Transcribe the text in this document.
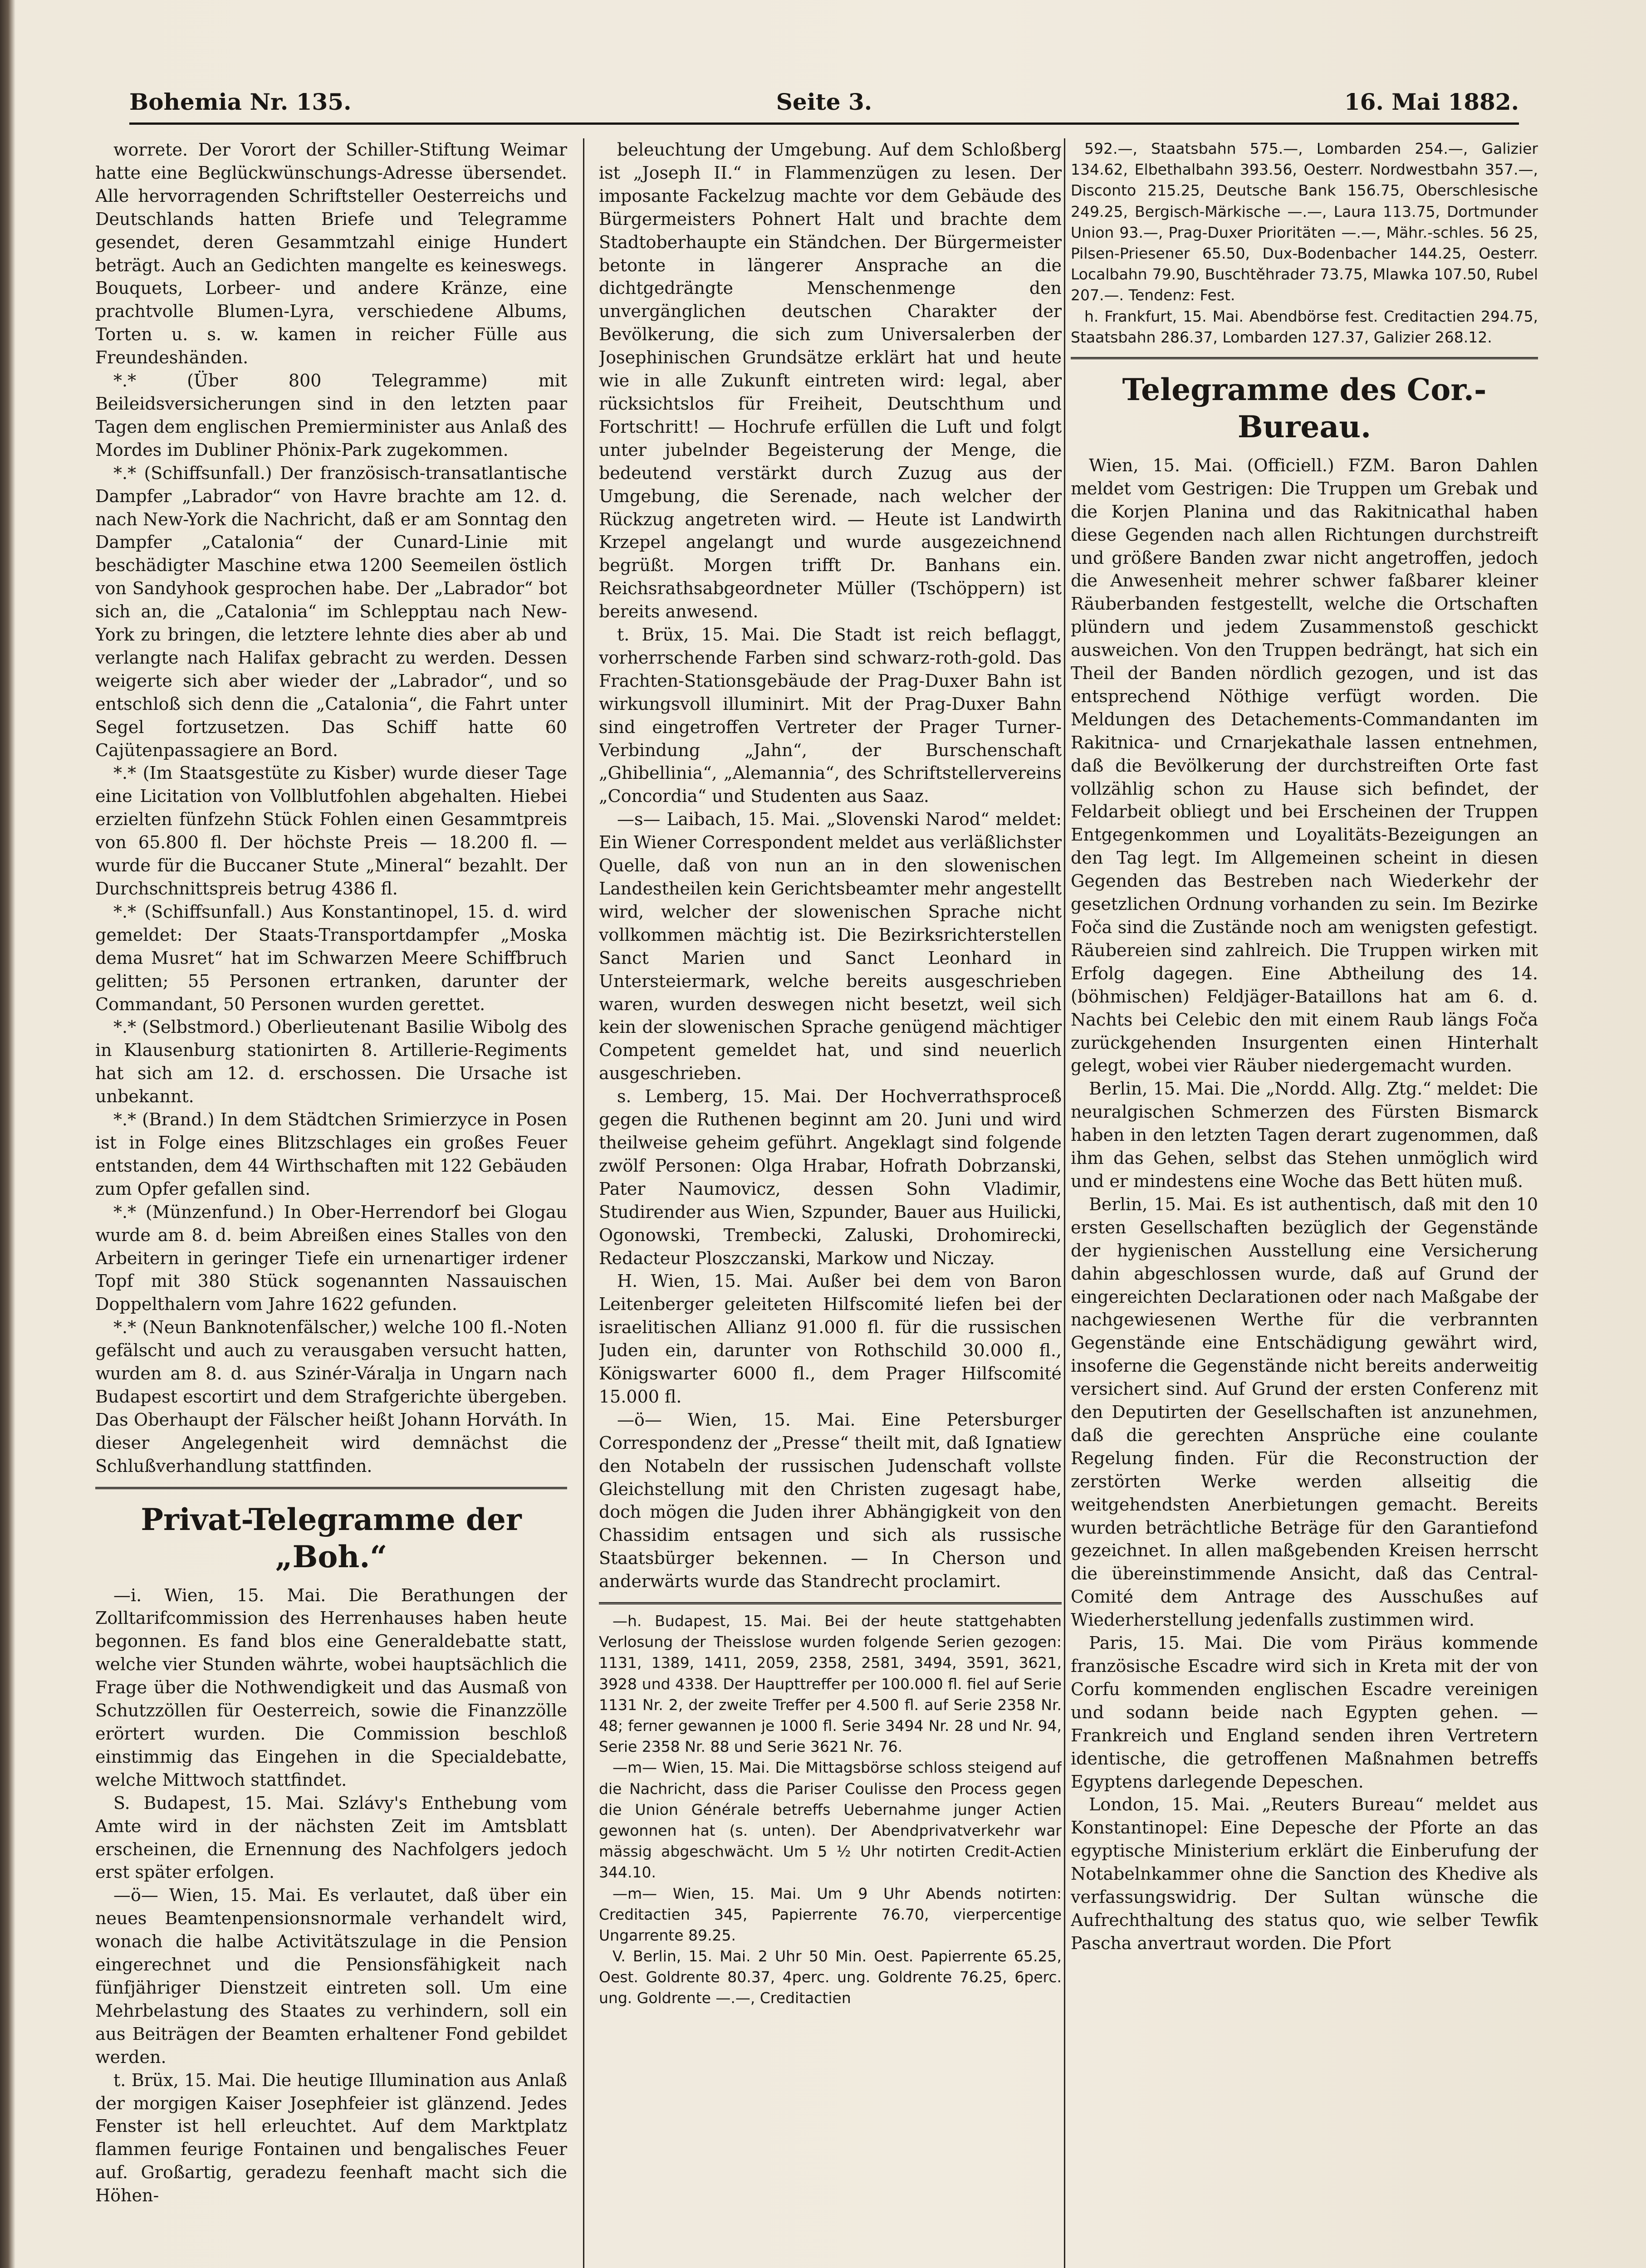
Bohemia Nr. 135.	Seite 3.	16. Mai 1882.

worrete. Der Vorort der Schiller-Stiftung Weimar hatte eine Beglückwünschungs-Adresse übersendet. Alle hervorragenden Schriftsteller Oesterreichs und Deutschlands hatten Briefe und Telegramme gesendet, deren Gesammtzahl einige Hundert beträgt. Auch an Gedichten mangelte es keineswegs. Bouquets, Lorbeer- und andere Kränze, eine prachtvolle Blumen-Lyra, verschiedene Albums, Torten u. s. w. kamen in reicher Fülle aus Freundeshänden.

*.* (Über 800 Telegramme) mit Beileidsversicherungen sind in den letzten paar Tagen dem englischen Premierminister aus Anlaß des Mordes im Dubliner Phönix-Park zugekommen.

*.* (Schiffsunfall.) Der französisch-transatlantische Dampfer „Labrador“ von Havre brachte am 12. d. nach New-York die Nachricht, daß er am Sonntag den Dampfer „Catalonia“ der Cunard-Linie mit beschädigter Maschine etwa 1200 Seemeilen östlich von Sandyhook gesprochen habe. Der „Labrador“ bot sich an, die „Catalonia“ im Schlepptau nach New-York zu bringen, die letztere lehnte dies aber ab und verlangte nach Halifax gebracht zu werden. Dessen weigerte sich aber wieder der „Labrador“, und so entschloß sich denn die „Catalonia“, die Fahrt unter Segel fortzusetzen. Das Schiff hatte 60 Cajütenpassagiere an Bord.

*.* (Im Staatsgestüte zu Kisber) wurde dieser Tage eine Licitation von Vollblutfohlen abgehalten. Hiebei erzielten fünfzehn Stück Fohlen einen Gesammtpreis von 65.800 fl. Der höchste Preis — 18.200 fl. — wurde für die Buccaner Stute „Mineral“ bezahlt. Der Durchschnittspreis betrug 4386 fl.

*.* (Schiffsunfall.) Aus Konstantinopel, 15. d. wird gemeldet: Der Staats-Transportdampfer „Moska dema Musret“ hat im Schwarzen Meere Schiffbruch gelitten; 55 Personen ertranken, darunter der Commandant, 50 Personen wurden gerettet.

*.* (Selbstmord.) Oberlieutenant Basilie Wibolg des in Klausenburg stationirten 8. Artillerie-Regiments hat sich am 12. d. erschossen. Die Ursache ist unbekannt.

*.* (Brand.) In dem Städtchen Srimierzyce in Posen ist in Folge eines Blitzschlages ein großes Feuer entstanden, dem 44 Wirthschaften mit 122 Gebäuden zum Opfer gefallen sind.

*.* (Münzenfund.) In Ober-Herrendorf bei Glogau wurde am 8. d. beim Abreißen eines Stalles von den Arbeitern in geringer Tiefe ein urnenartiger irdener Topf mit 380 Stück sogenannten Nassauischen Doppelthalern vom Jahre 1622 gefunden.

*.* (Neun Banknotenfälscher,) welche 100 fl.-Noten gefälscht und auch zu verausgaben versucht hatten, wurden am 8. d. aus Szinér-Váralja in Ungarn nach Budapest escortirt und dem Strafgerichte übergeben. Das Oberhaupt der Fälscher heißt Johann Horváth. In dieser Angelegenheit wird demnächst die Schlußverhandlung stattfinden.

Privat-Telegramme der „Boh.“

—i. Wien, 15. Mai. Die Berathungen der Zolltarifcommission des Herrenhauses haben heute begonnen. Es fand blos eine Generaldebatte statt, welche vier Stunden währte, wobei hauptsächlich die Frage über die Nothwendigkeit und das Ausmaß von Schutzzöllen für Oesterreich, sowie die Finanzzölle erörtert wurden. Die Commission beschloß einstimmig das Eingehen in die Specialdebatte, welche Mittwoch stattfindet.

S. Budapest, 15. Mai. Szlávy's Enthebung vom Amte wird in der nächsten Zeit im Amtsblatt erscheinen, die Ernennung des Nachfolgers jedoch erst später erfolgen.

—ö— Wien, 15. Mai. Es verlautet, daß über ein neues Beamtenpensionsnormale verhandelt wird, wonach die halbe Activitätszulage in die Pension eingerechnet und die Pensionsfähigkeit nach fünfjähriger Dienstzeit eintreten soll. Um eine Mehrbelastung des Staates zu verhindern, soll ein aus Beiträgen der Beamten erhaltener Fond gebildet werden.

t. Brüx, 15. Mai. Die heutige Illumination aus Anlaß der morgigen Kaiser Josephfeier ist glänzend. Jedes Fenster ist hell erleuchtet. Auf dem Marktplatz flammen feurige Fontainen und bengalisches Feuer auf. Großartig, geradezu feenhaft macht sich die Höhen-

beleuchtung der Umgebung. Auf dem Schloßberg ist „Joseph II.“ in Flammenzügen zu lesen. Der imposante Fackelzug machte vor dem Gebäude des Bürgermeisters Pohnert Halt und brachte dem Stadtoberhaupte ein Ständchen. Der Bürgermeister betonte in längerer Ansprache an die dichtgedrängte Menschenmenge den unvergänglichen deutschen Charakter der Bevölkerung, die sich zum Universalerben der Josephinischen Grundsätze erklärt hat und heute wie in alle Zukunft eintreten wird: legal, aber rücksichtslos für Freiheit, Deutschthum und Fortschritt! — Hochrufe erfüllen die Luft und folgt unter jubelnder Begeisterung der Menge, die bedeutend verstärkt durch Zuzug aus der Umgebung, die Serenade, nach welcher der Rückzug angetreten wird. — Heute ist Landwirth Krzepel angelangt und wurde ausgezeichnend begrüßt. Morgen trifft Dr. Banhans ein. Reichsrathsabgeordneter Müller (Tschöppern) ist bereits anwesend.

t. Brüx, 15. Mai. Die Stadt ist reich beflaggt, vorherrschende Farben sind schwarz-roth-gold. Das Frachten-Stationsgebäude der Prag-Duxer Bahn ist wirkungsvoll illuminirt. Mit der Prag-Duxer Bahn sind eingetroffen Vertreter der Prager Turner-Verbindung „Jahn“, der Burschenschaft „Ghibellinia“, „Alemannia“, des Schriftstellervereins „Concordia“ und Studenten aus Saaz.

—s— Laibach, 15. Mai. „Slovenski Narod“ meldet: Ein Wiener Correspondent meldet aus verläßlichster Quelle, daß von nun an in den slowenischen Landestheilen kein Gerichtsbeamter mehr angestellt wird, welcher der slowenischen Sprache nicht vollkommen mächtig ist. Die Bezirksrichterstellen Sanct Marien und Sanct Leonhard in Untersteiermark, welche bereits ausgeschrieben waren, wurden deswegen nicht besetzt, weil sich kein der slowenischen Sprache genügend mächtiger Competent gemeldet hat, und sind neuerlich ausgeschrieben.

s. Lemberg, 15. Mai. Der Hochverrathsproceß gegen die Ruthenen beginnt am 20. Juni und wird theilweise geheim geführt. Angeklagt sind folgende zwölf Personen: Olga Hrabar, Hofrath Dobrzanski, Pater Naumovicz, dessen Sohn Vladimir, Studirender aus Wien, Szpunder, Bauer aus Huilicki, Ogonowski, Trembecki, Zaluski, Drohomirecki, Redacteur Ploszczanski, Markow und Niczay.

H. Wien, 15. Mai. Außer bei dem von Baron Leitenberger geleiteten Hilfscomité liefen bei der israelitischen Allianz 91.000 fl. für die russischen Juden ein, darunter von Rothschild 30.000 fl., Königswarter 6000 fl., dem Prager Hilfscomité 15.000 fl.

—ö— Wien, 15. Mai. Eine Petersburger Correspondenz der „Presse“ theilt mit, daß Ignatiew den Notabeln der russischen Judenschaft vollste Gleichstellung mit den Christen zugesagt habe, doch mögen die Juden ihrer Abhängigkeit von den Chassidim entsagen und sich als russische Staatsbürger bekennen. — In Cherson und anderwärts wurde das Standrecht proclamirt.

—h. Budapest, 15. Mai. Bei der heute stattgehabten Verlosung der Theisslose wurden folgende Serien gezogen: 1131, 1389, 1411, 2059, 2358, 2581, 3494, 3591, 3621, 3928 und 4338. Der Haupttreffer per 100.000 fl. fiel auf Serie 1131 Nr. 2, der zweite Treffer per 4.500 fl. auf Serie 2358 Nr. 48; ferner gewannen je 1000 fl. Serie 3494 Nr. 28 und Nr. 94, Serie 2358 Nr. 88 und Serie 3621 Nr. 76.

—m— Wien, 15. Mai. Die Mittagsbörse schloss steigend auf die Nachricht, dass die Pariser Coulisse den Process gegen die Union Générale betreffs Uebernahme junger Actien gewonnen hat (s. unten). Der Abendprivatverkehr war mässig abgeschwächt. Um 5 ½ Uhr notirten Credit-Actien 344.10.

—m— Wien, 15. Mai. Um 9 Uhr Abends notirten: Creditactien 345, Papierrente 76.70, vierpercentige Ungarrente 89.25.

V. Berlin, 15. Mai. 2 Uhr 50 Min. Oest. Papierrente 65.25, Oest. Goldrente 80.37, 4perc. ung. Goldrente 76.25, 6perc. ung. Goldrente —.—, Creditactien

592.—, Staatsbahn 575.—, Lombarden 254.—, Galizier 134.62, Elbethalbahn 393.56, Oesterr. Nordwestbahn 357.—, Disconto 215.25, Deutsche Bank 156.75, Oberschlesische 249.25, Bergisch-Märkische —.—, Laura 113.75, Dortmunder Union 93.—, Prag-Duxer Prioritäten —.—, Mähr.-schles. 56 25, Pilsen-Priesener 65.50, Dux-Bodenbacher 144.25, Oesterr. Localbahn 79.90, Buschtěhrader 73.75, Mlawka 107.50, Rubel 207.—. Tendenz: Fest.

h. Frankfurt, 15. Mai. Abendbörse fest. Creditactien 294.75, Staatsbahn 286.37, Lombarden 127.37, Galizier 268.12.

Telegramme des Cor.-Bureau.

Wien, 15. Mai. (Officiell.) FZM. Baron Dahlen meldet vom Gestrigen: Die Truppen um Grebak und die Korjen Planina und das Rakitnicathal haben diese Gegenden nach allen Richtungen durchstreift und größere Banden zwar nicht angetroffen, jedoch die Anwesenheit mehrer schwer faßbarer kleiner Räuberbanden festgestellt, welche die Ortschaften plündern und jedem Zusammenstoß geschickt ausweichen. Von den Truppen bedrängt, hat sich ein Theil der Banden nördlich gezogen, und ist das entsprechend Nöthige verfügt worden. Die Meldungen des Detachements-Commandanten im Rakitnica- und Crnarjekathale lassen entnehmen, daß die Bevölkerung der durchstreiften Orte fast vollzählig schon zu Hause sich befindet, der Feldarbeit obliegt und bei Erscheinen der Truppen Entgegenkommen und Loyalitäts-Bezeigungen an den Tag legt. Im Allgemeinen scheint in diesen Gegenden das Bestreben nach Wiederkehr der gesetzlichen Ordnung vorhanden zu sein. Im Bezirke Foča sind die Zustände noch am wenigsten gefestigt. Räubereien sind zahlreich. Die Truppen wirken mit Erfolg dagegen. Eine Abtheilung des 14. (böhmischen) Feldjäger-Bataillons hat am 6. d. Nachts bei Celebic den mit einem Raub längs Foča zurückgehenden Insurgenten einen Hinterhalt gelegt, wobei vier Räuber niedergemacht wurden.

Berlin, 15. Mai. Die „Nordd. Allg. Ztg.“ meldet: Die neuralgischen Schmerzen des Fürsten Bismarck haben in den letzten Tagen derart zugenommen, daß ihm das Gehen, selbst das Stehen unmöglich wird und er mindestens eine Woche das Bett hüten muß.

Berlin, 15. Mai. Es ist authentisch, daß mit den 10 ersten Gesellschaften bezüglich der Gegenstände der hygienischen Ausstellung eine Versicherung dahin abgeschlossen wurde, daß auf Grund der eingereichten Declarationen oder nach Maßgabe der nachgewiesenen Werthe für die verbrannten Gegenstände eine Entschädigung gewährt wird, insoferne die Gegenstände nicht bereits anderweitig versichert sind. Auf Grund der ersten Conferenz mit den Deputirten der Gesellschaften ist anzunehmen, daß die gerechten Ansprüche eine coulante Regelung finden. Für die Reconstruction der zerstörten Werke werden allseitig die weitgehendsten Anerbietungen gemacht. Bereits wurden beträchtliche Beträge für den Garantiefond gezeichnet. In allen maßgebenden Kreisen herrscht die übereinstimmende Ansicht, daß das Central-Comité dem Antrage des Ausschußes auf Wiederherstellung jedenfalls zustimmen wird.

Paris, 15. Mai. Die vom Piräus kommende französische Escadre wird sich in Kreta mit der von Corfu kommenden englischen Escadre vereinigen und sodann beide nach Egypten gehen. — Frankreich und England senden ihren Vertretern identische, die getroffenen Maßnahmen betreffs Egyptens darlegende Depeschen.

London, 15. Mai. „Reuters Bureau“ meldet aus Konstantinopel: Eine Depesche der Pforte an das egyptische Ministerium erklärt die Einberufung der Notabelnkammer ohne die Sanction des Khedive als verfassungswidrig. Der Sultan wünsche die Aufrechthaltung des status quo, wie selber Tewfik Pascha anvertraut worden. Die Pfort
